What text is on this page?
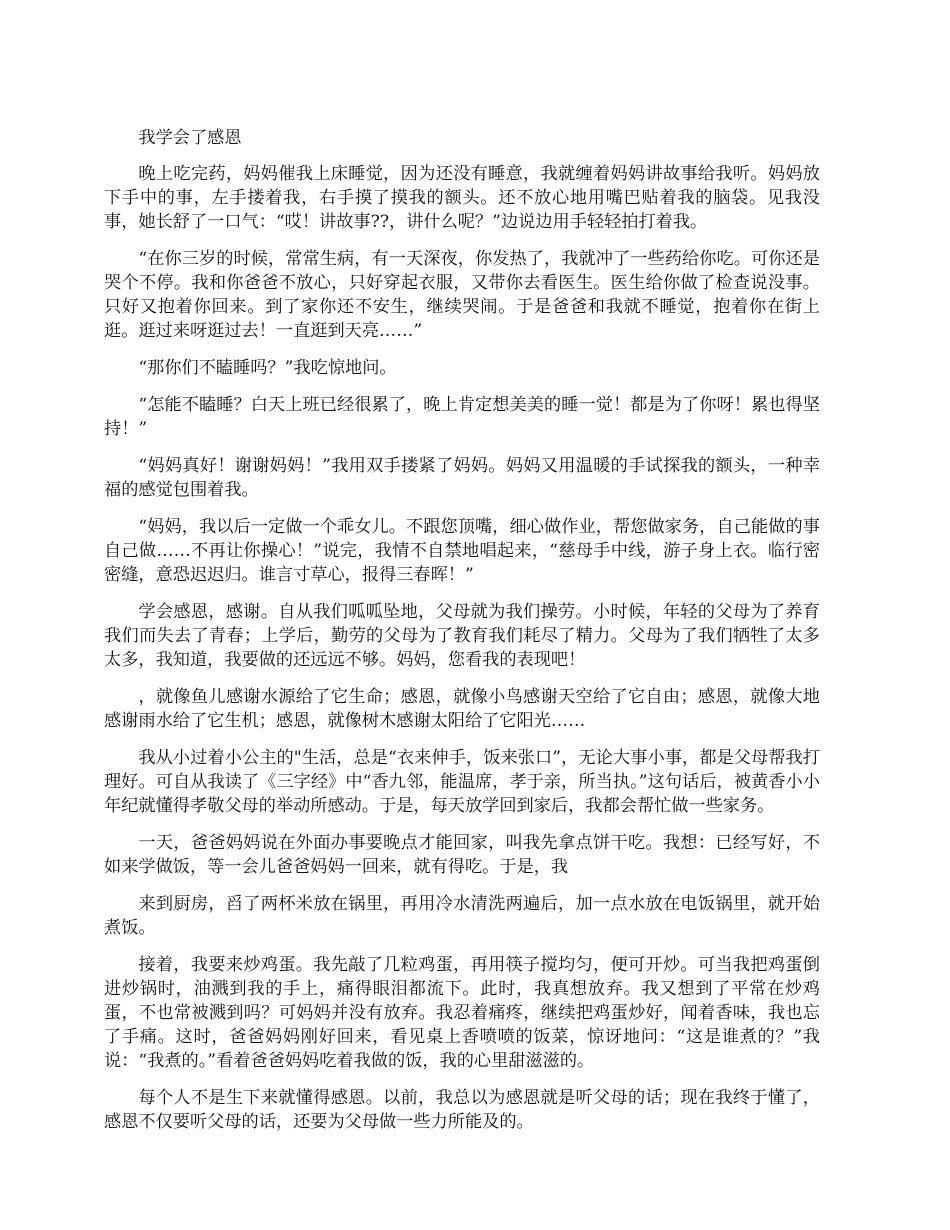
我学会了感恩

晚上吃完药，妈妈催我上床睡觉，因为还没有睡意，我就缠着妈妈讲故事给我听。妈妈放下手中的事，左手搂着我，右手摸了摸我的额头。还不放心地用嘴巴贴着我的脑袋。见我没事，她长舒了一口气：“哎！讲故事??，讲什么呢？”边说边用手轻轻拍打着我。

“在你三岁的时候，常常生病，有一天深夜，你发热了，我就冲了一些药给你吃。可你还是哭个不停。我和你爸爸不放心，只好穿起衣服，又带你去看医生。医生给你做了检查说没事。只好又抱着你回来。到了家你还不安生，继续哭闹。于是爸爸和我就不睡觉，抱着你在街上逛。逛过来呀逛过去！一直逛到天亮……”

“那你们不瞌睡吗？”我吃惊地问。

“怎能不瞌睡？白天上班已经很累了，晚上肯定想美美的睡一觉！都是为了你呀！累也得坚持！”

“妈妈真好！谢谢妈妈！”我用双手搂紧了妈妈。妈妈又用温暖的手试探我的额头，一种幸福的感觉包围着我。

“妈妈，我以后一定做一个乖女儿。不跟您顶嘴，细心做作业，帮您做家务，自己能做的事自己做……不再让你操心！”说完，我情不自禁地唱起来，“慈母手中线，游子身上衣。临行密密缝，意恐迟迟归。谁言寸草心，报得三春晖！”

学会感恩，感谢。自从我们呱呱坠地，父母就为我们操劳。小时候，年轻的父母为了养育我们而失去了青春；上学后，勤劳的父母为了教育我们耗尽了精力。父母为了我们牺牲了太多太多，我知道，我要做的还远远不够。妈妈，您看我的表现吧！

，就像鱼儿感谢水源给了它生命；感恩，就像小鸟感谢天空给了它自由；感恩，就像大地感谢雨水给了它生机；感恩，就像树木感谢太阳给了它阳光……

我从小过着小公主的"生活，总是“衣来伸手，饭来张口”，无论大事小事，都是父母帮我打理好。可自从我读了《三字经》中“香九邻，能温席，孝于亲，所当执。”这句话后，被黄香小小年纪就懂得孝敬父母的举动所感动。于是，每天放学回到家后，我都会帮忙做一些家务。

一天，爸爸妈妈说在外面办事要晚点才能回家，叫我先拿点饼干吃。我想：已经写好，不如来学做饭，等一会儿爸爸妈妈一回来，就有得吃。于是，我

来到厨房，舀了两杯米放在锅里，再用冷水清洗两遍后，加一点水放在电饭锅里，就开始煮饭。

接着，我要来炒鸡蛋。我先敲了几粒鸡蛋，再用筷子搅均匀，便可开炒。可当我把鸡蛋倒进炒锅时，油溅到我的手上，痛得眼泪都流下。此时，我真想放弃。我又想到了平常在炒鸡蛋，不也常被溅到吗？可妈妈并没有放弃。我忍着痛疼，继续把鸡蛋炒好，闻着香味，我也忘了手痛。这时，爸爸妈妈刚好回来，看见桌上香喷喷的饭菜，惊讶地问：“这是谁煮的？”我说：“我煮的。”看着爸爸妈妈吃着我做的饭，我的心里甜滋滋的。

每个人不是生下来就懂得感恩。以前，我总以为感恩就是听父母的话；现在我终于懂了，感恩不仅要听父母的话，还要为父母做一些力所能及的。
